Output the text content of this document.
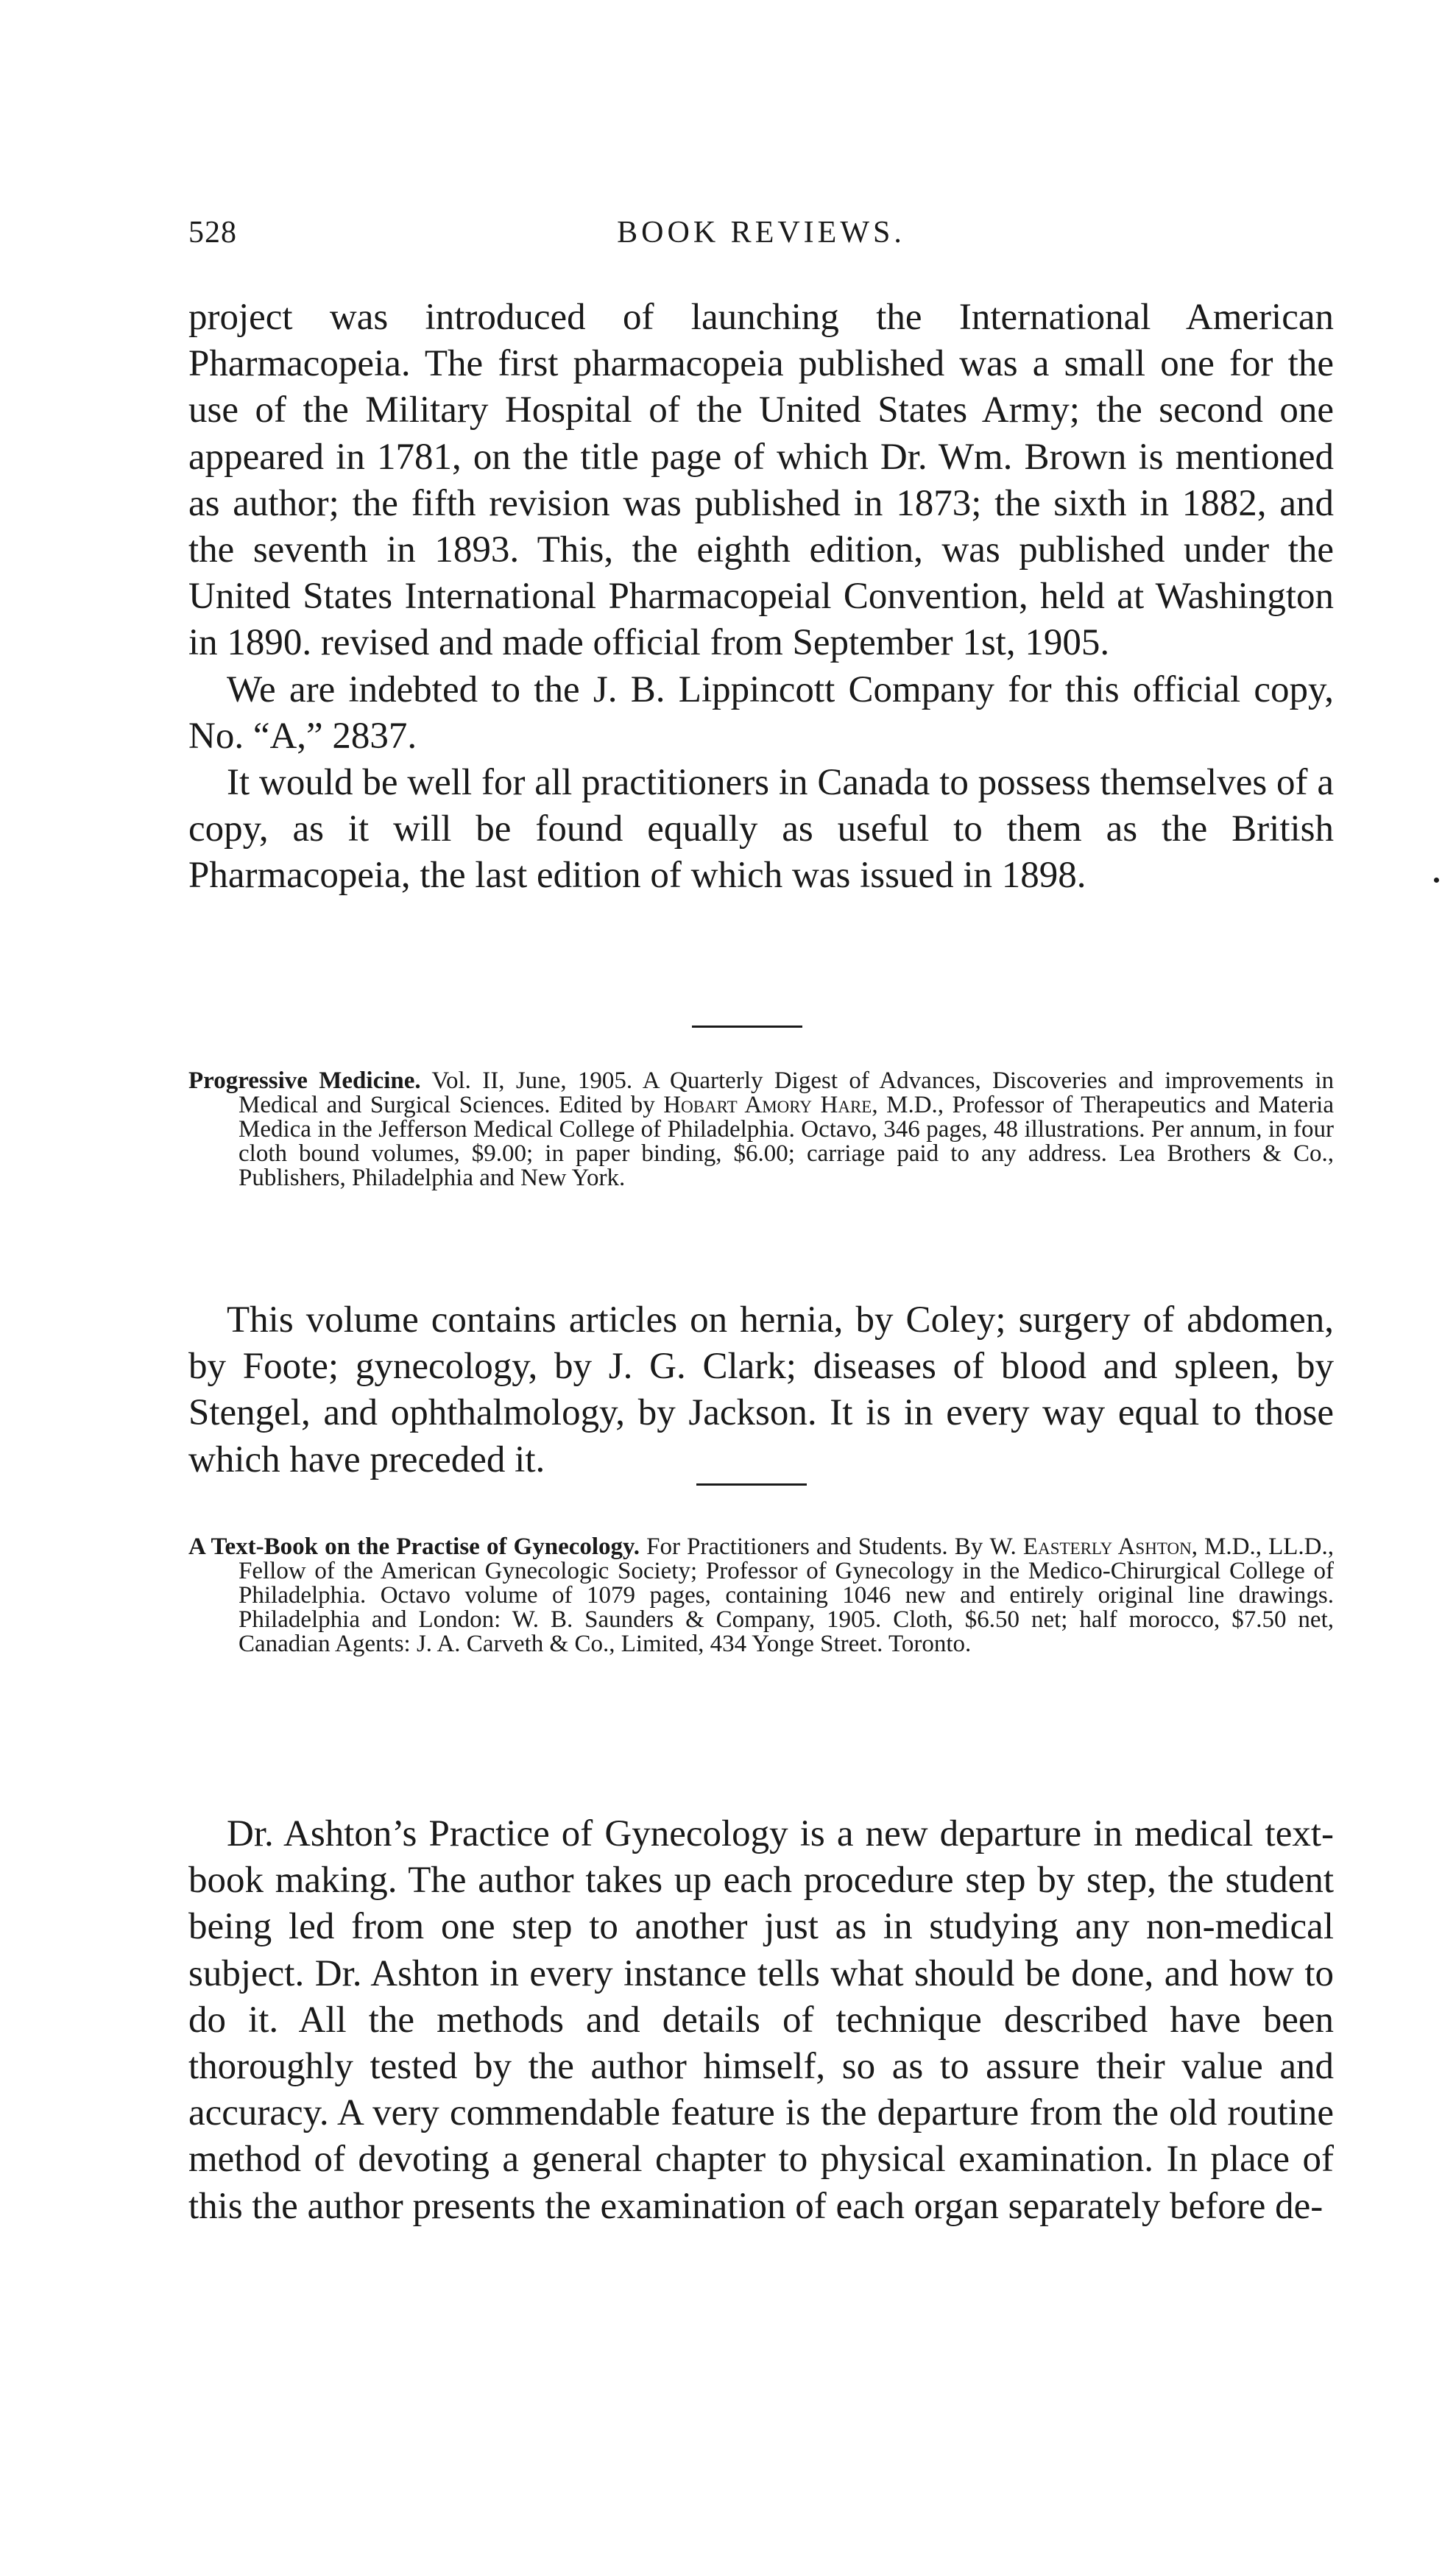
528	BOOK REVIEWS.

project was introduced of launching the International American Pharmacopeia. The first pharmacopeia published was a small one for the use of the Military Hospital of the United States Army; the second one appeared in 1781, on the title page of which Dr. Wm. Brown is mentioned as author; the fifth revision was published in 1873; the sixth in 1882, and the seventh in 1893. This, the eighth edition, was published under the United States International Pharmacopeial Convention, held at Washington in 1890. revised and made official from September 1st, 1905.

We are indebted to the J. B. Lippincott Company for this official copy, No. “A,” 2837.

It would be well for all practitioners in Canada to possess themselves of a copy, as it will be found equally as useful to them as the British Pharmacopeia, the last edition of which was issued in 1898.

Progressive Medicine. Vol. II, June, 1905. A Quarterly Digest of Advances, Discoveries and improvements in Medical and Surgical Sciences. Edited by Hobart Amory Hare, M.D., Professor of Therapeutics and Materia Medica in the Jefferson Medical College of Philadelphia. Octavo, 346 pages, 48 illustrations. Per annum, in four cloth bound volumes, $9.00; in paper binding, $6.00; carriage paid to any address. Lea Brothers & Co., Publishers, Philadelphia and New York.

This volume contains articles on hernia, by Coley; surgery of abdomen, by Foote; gynecology, by J. G. Clark; diseases of blood and spleen, by Stengel, and ophthalmology, by Jackson. It is in every way equal to those which have preceded it.

A Text-Book on the Practise of Gynecology. For Practitioners and Students. By W. Easterly Ashton, M.D., LL.D., Fellow of the American Gynecologic Society; Professor of Gynecology in the Medico-Chirurgical College of Philadelphia. Octavo volume of 1079 pages, containing 1046 new and entirely original line drawings. Philadelphia and London: W. B. Saunders & Company, 1905. Cloth, $6.50 net; half morocco, $7.50 net, Canadian Agents: J. A. Carveth & Co., Limited, 434 Yonge Street. Toronto.

Dr. Ashton’s Practice of Gynecology is a new departure in medical text-book making. The author takes up each procedure step by step, the student being led from one step to another just as in studying any non-medical subject. Dr. Ashton in every instance tells what should be done, and how to do it. All the methods and details of technique described have been thoroughly tested by the author himself, so as to assure their value and accuracy. A very commendable feature is the departure from the old routine method of devoting a general chapter to physical examination. In place of this the author presents the examination of each organ separately before de-
